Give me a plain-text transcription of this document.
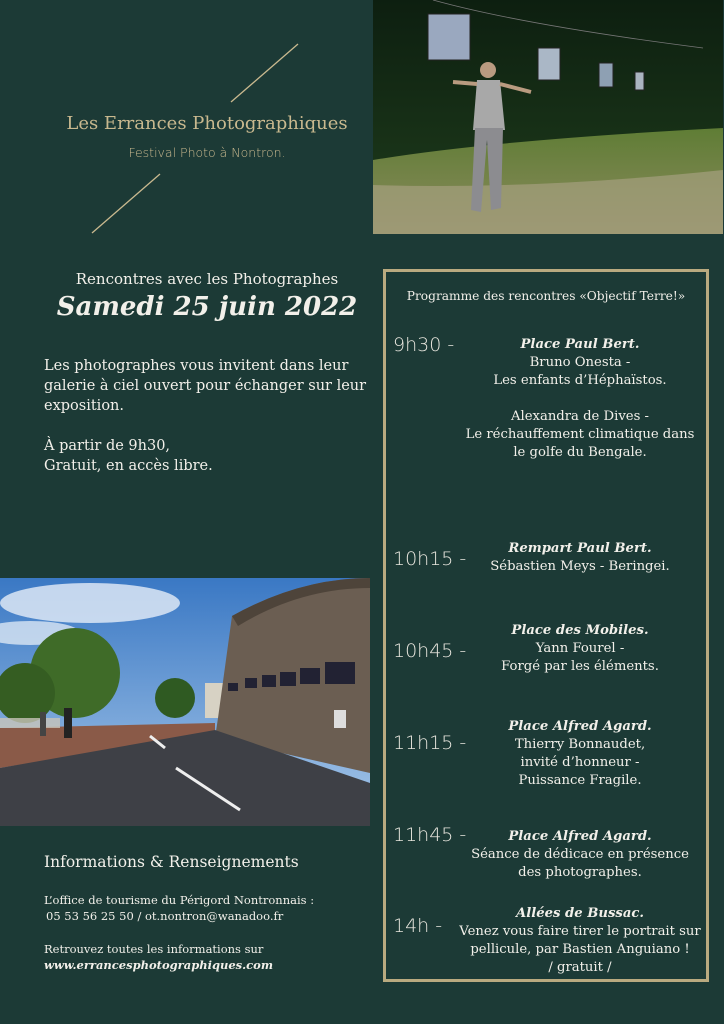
Les Errances Photographiques
Festival Photo à Nontron.
Rencontres avec les Photographes
Samedi 25 juin 2022
Les photographes vous invitent dans leur
galerie à ciel ouvert pour échanger sur leur
exposition.
À partir de 9h30,
Gratuit, en accès libre.
Informations & Renseignements
L’office de tourisme du Périgord Nontronnais :
05 53 56 25 50 / ot.nontron@wanadoo.fr
Retrouvez toutes les informations sur
www.errancesphotographiques.com
Programme des rencontres «Objectif Terre!»
9h30 -	Place Paul Bert.
Bruno Onesta -
Les enfants d’Héphaïstos.
Alexandra de Dives -
Le réchauffement climatique dans
le golfe du Bengale.
10h15 -	Rempart Paul Bert.
Sébastien Meys - Beringei.
10h45 -
Place des Mobiles.
Yann Fourel -
Forgé par les éléments.
11h15 -
Place Alfred Agard.
Thierry Bonnaudet,
invité d’honneur -
Puissance Fragile.
11h45 -	Place Alfred Agard.
Séance de dédicace en présence
des photographes.
14h -
Allées de Bussac.
Venez vous faire tirer le portrait sur
pellicule, par Bastien Anguiano !
/ gratuit /
